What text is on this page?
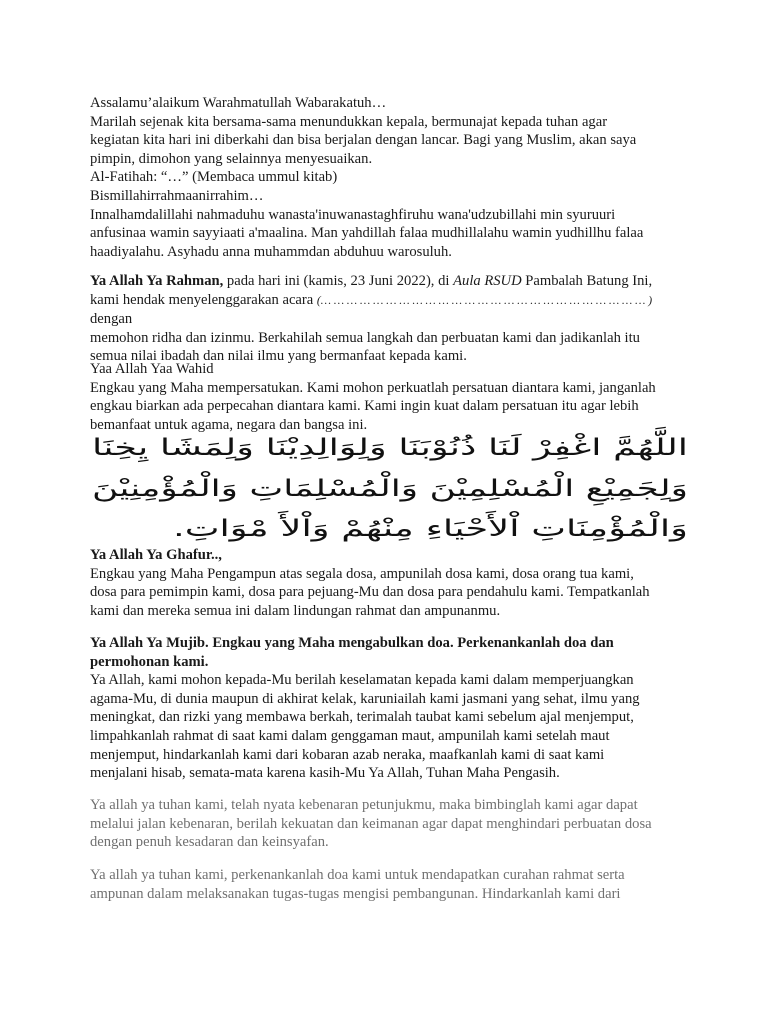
Assalamu’alaikum Warahmatullah Wabarakatuh…

Marilah sejenak kita bersama-sama menundukkan kepala, bermunajat kepada tuhan agar

kegiatan kita hari ini diberkahi dan bisa berjalan dengan lancar. Bagi yang Muslim, akan saya

pimpin, dimohon yang selainnya menyesuaikan.

Al-Fatihah: “…” (Membaca ummul kitab)

Bismillahirrahmaanirrahim…

Innalhamdalillahi nahmaduhu wanasta'inuwanastaghfiruhu wana'udzubillahi min syuruuri

anfusinaa wamin sayyiaati a'maalina. Man yahdillah falaa mudhillalahu wamin yudhillhu falaa

haadiyalahu. Asyhadu anna muhammdan abduhuu warosuluh.

Ya Allah Ya Rahman, pada hari ini (kamis, 23 Juni 2022), di Aula RSUD Pambalah Batung Ini,

kami hendak menyelenggarakan acara (… … … … … … … … … … … … … … … … … … … … … … … … … ) dengan

memohon ridha dan izinmu. Berkahilah semua langkah dan perbuatan kami dan jadikanlah itu

semua nilai ibadah dan nilai ilmu yang bermanfaat kepada kami.

Yaa Allah Yaa Wahid

Engkau yang Maha mempersatukan. Kami mohon perkuatlah persatuan diantara kami, janganlah

engkau biarkan ada perpecahan diantara kami. Kami ingin kuat dalam persatuan itu agar lebih

bemanfaat untuk agama, negara dan bangsa ini.

اللَّهُمَّ اغْفِرْ لَنَا ذُنُوْبَنَا وَلِوَالِدِيْنَا وَلِمَشَا يِخِنَا
وَلِجَمِيْعِ الْمُسْلِمِيْنَ وَالْمُسْلِمَاتِ وَالْمُؤْمِنِيْنَ
وَالْمُؤْمِنَاتِ اْلأَحْيَاءِ مِنْهُمْ وَاْلأَ مْوَاتِ.

Ya Allah Ya Ghafur..,

Engkau yang Maha Pengampun atas segala dosa, ampunilah dosa kami, dosa orang tua kami,

dosa para pemimpin kami, dosa para pejuang-Mu dan dosa para pendahulu kami. Tempatkanlah

kami dan mereka semua ini dalam lindungan rahmat dan ampunanmu.

Ya Allah Ya Mujib. Engkau yang Maha mengabulkan doa. Perkenankanlah doa dan

permohonan kami.

Ya Allah, kami mohon kepada-Mu berilah keselamatan kepada kami dalam memperjuangkan

agama-Mu, di dunia maupun di akhirat kelak, karuniailah kami jasmani yang sehat, ilmu yang

meningkat, dan rizki yang membawa berkah, terimalah taubat kami sebelum ajal menjemput,

limpahkanlah rahmat di saat kami dalam genggaman maut, ampunilah kami setelah maut

menjemput, hindarkanlah kami dari kobaran azab neraka, maafkanlah kami di saat kami

menjalani hisab, semata-mata karena kasih-Mu Ya Allah, Tuhan Maha Pengasih.

Ya allah ya tuhan kami, telah nyata kebenaran petunjukmu, maka bimbinglah kami agar dapat

melalui jalan kebenaran, berilah kekuatan dan keimanan agar dapat menghindari perbuatan dosa

dengan penuh kesadaran dan keinsyafan.

Ya allah ya tuhan kami, perkenankanlah doa kami untuk mendapatkan curahan rahmat serta

ampunan dalam melaksanakan tugas-tugas mengisi pembangunan. Hindarkanlah kami dari
